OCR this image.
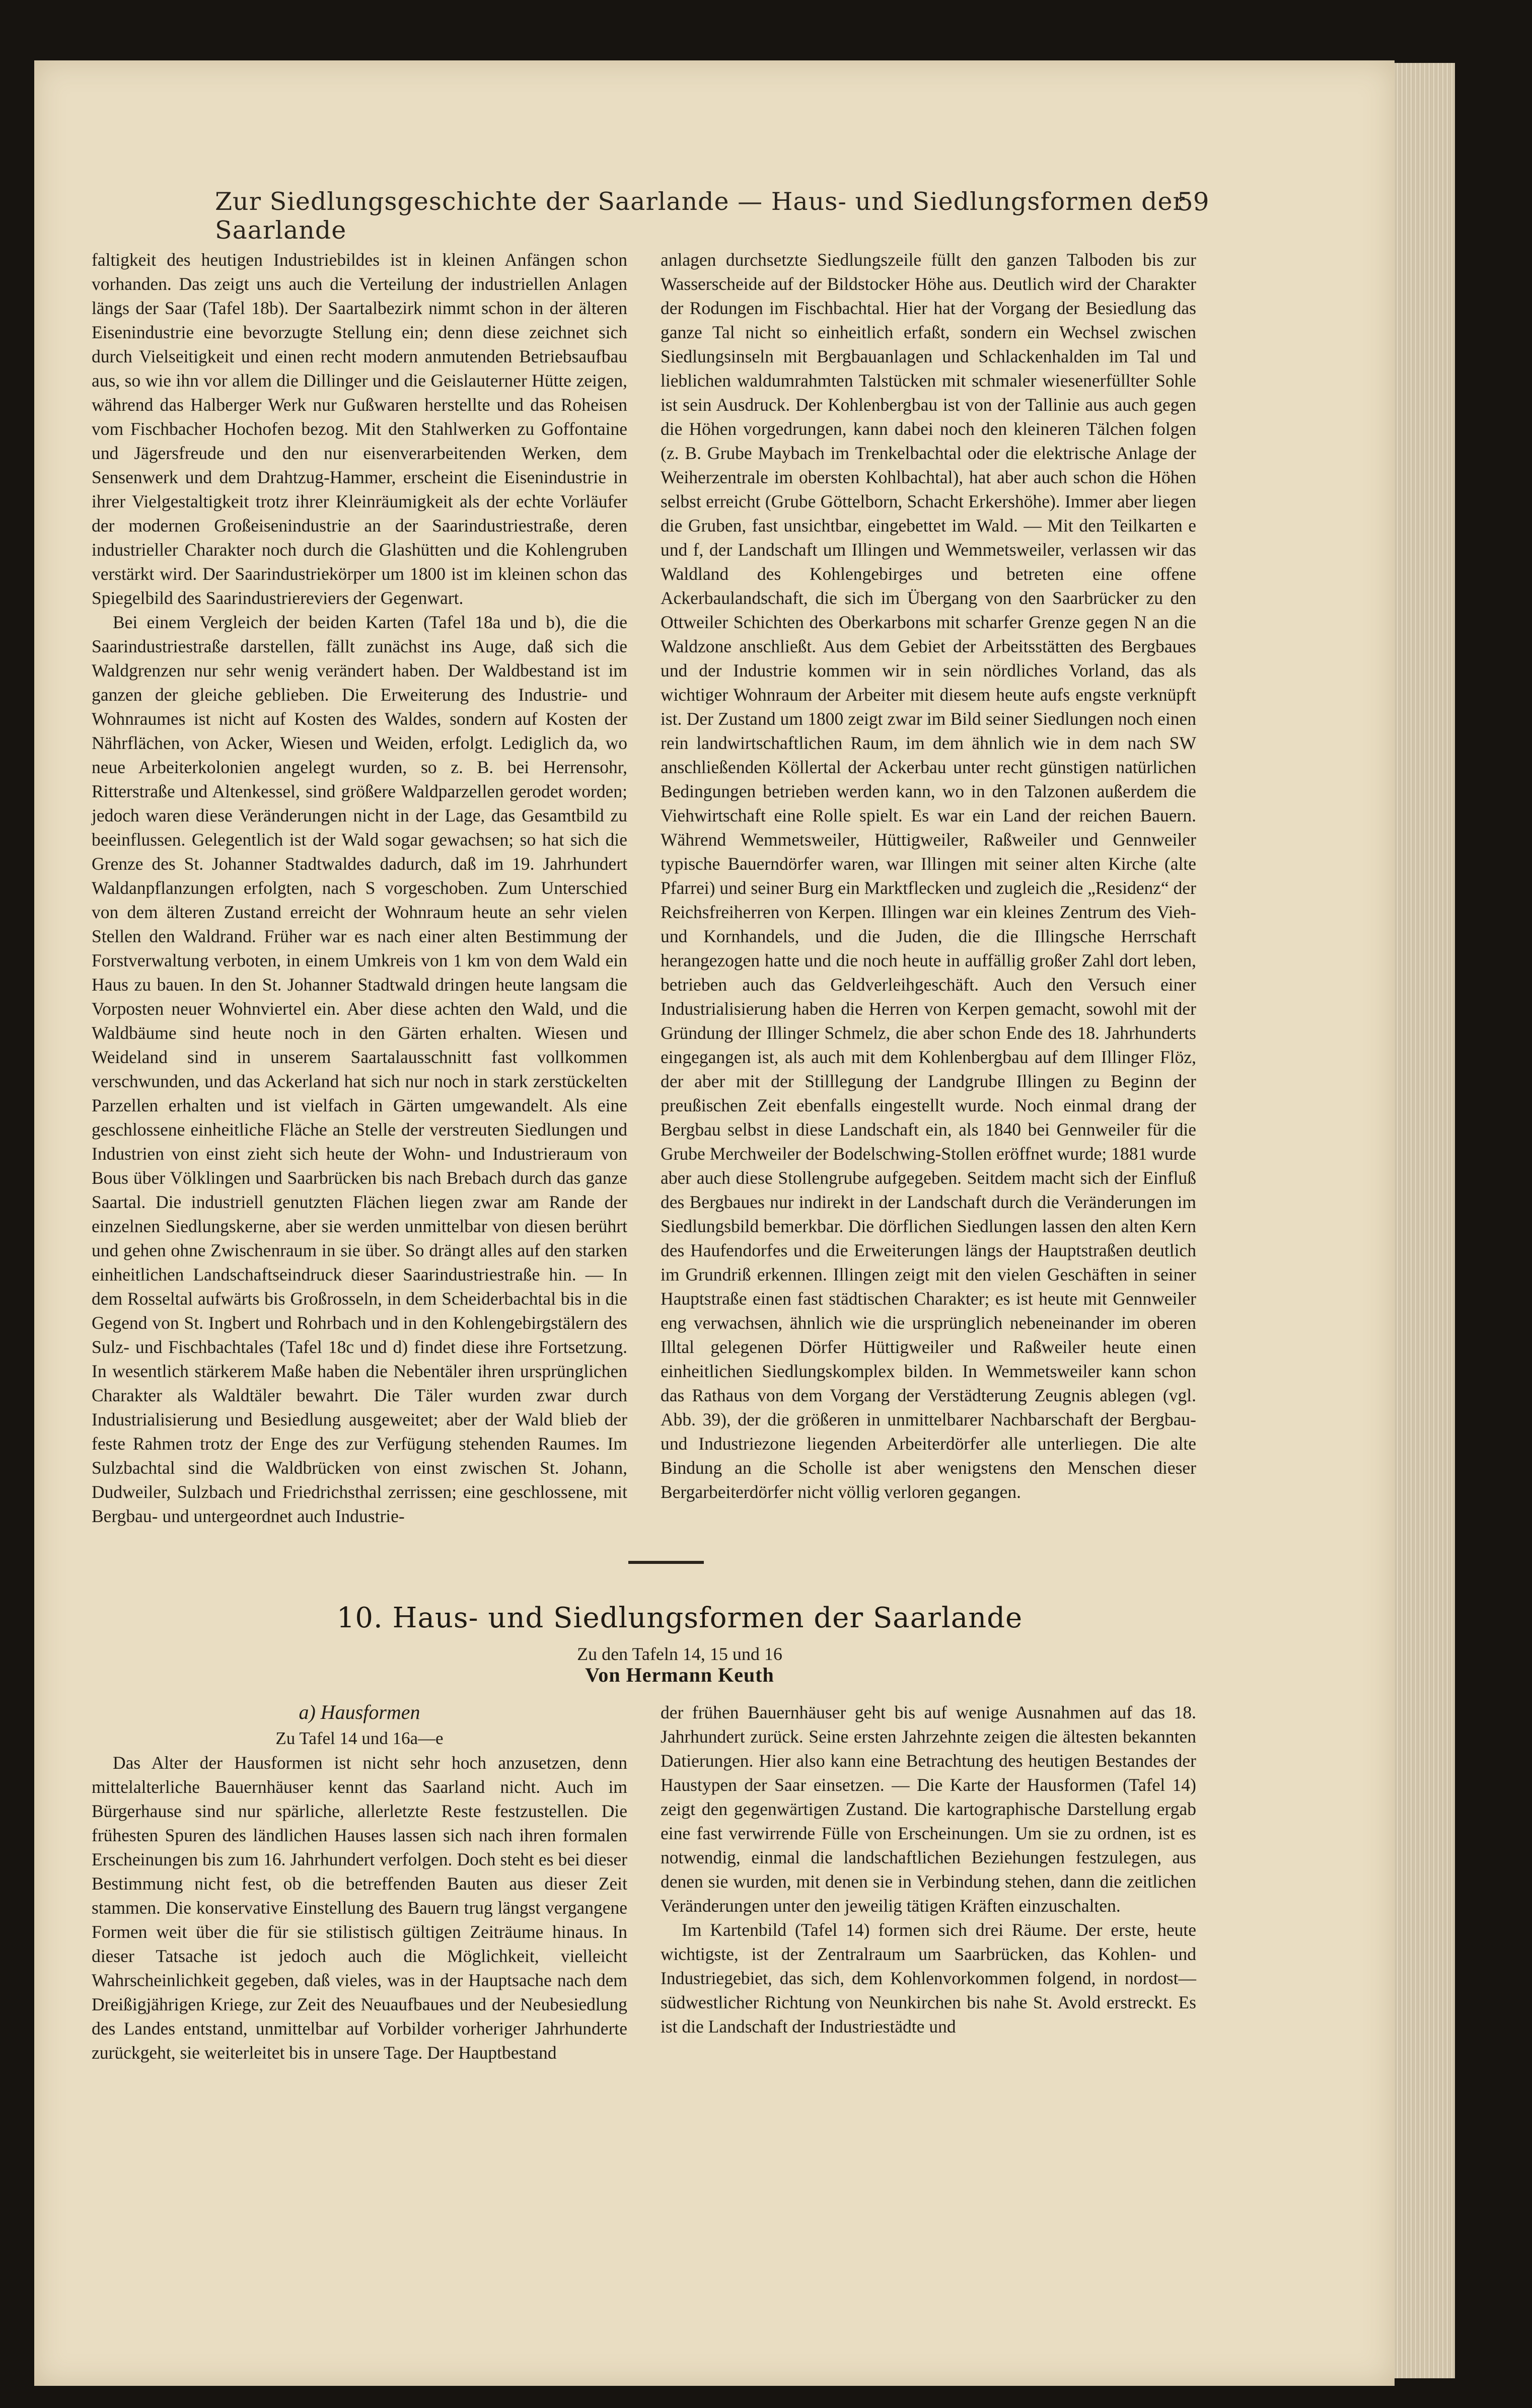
Zur Siedlungsgeschichte der Saarlande — Haus- und Siedlungsformen der Saarlande
59

faltigkeit des heutigen Industriebildes ist in kleinen Anfängen schon vorhanden. Das zeigt uns auch die Verteilung der industriellen Anlagen längs der Saar (Tafel 18b). Der Saartalbezirk nimmt schon in der älteren Eisenindustrie eine bevorzugte Stellung ein; denn diese zeichnet sich durch Vielseitigkeit und einen recht modern anmutenden Betriebsaufbau aus, so wie ihn vor allem die Dillinger und die Geislauterner Hütte zeigen, während das Halberger Werk nur Gußwaren herstellte und das Roheisen vom Fischbacher Hochofen bezog. Mit den Stahlwerken zu Goffontaine und Jägersfreude und den nur eisenverarbeitenden Werken, dem Sensenwerk und dem Drahtzug-Hammer, erscheint die Eisenindustrie in ihrer Vielgestaltigkeit trotz ihrer Kleinräumigkeit als der echte Vorläufer der modernen Großeisenindustrie an der Saarindustriestraße, deren industrieller Charakter noch durch die Glashütten und die Kohlengruben verstärkt wird. Der Saarindustriekörper um 1800 ist im kleinen schon das Spiegelbild des Saarindustriereviers der Gegenwart.

Bei einem Vergleich der beiden Karten (Tafel 18a und b), die die Saarindustriestraße darstellen, fällt zunächst ins Auge, daß sich die Waldgrenzen nur sehr wenig verändert haben. Der Waldbestand ist im ganzen der gleiche geblieben. Die Erweiterung des Industrie- und Wohnraumes ist nicht auf Kosten des Waldes, sondern auf Kosten der Nährflächen, von Acker, Wiesen und Weiden, erfolgt. Lediglich da, wo neue Arbeiterkolonien angelegt wurden, so z. B. bei Herrensohr, Ritterstraße und Altenkessel, sind größere Waldparzellen gerodet worden; jedoch waren diese Veränderungen nicht in der Lage, das Gesamtbild zu beeinflussen. Gelegentlich ist der Wald sogar gewachsen; so hat sich die Grenze des St. Johanner Stadtwaldes dadurch, daß im 19. Jahrhundert Waldanpflanzungen erfolgten, nach S vorgeschoben. Zum Unterschied von dem älteren Zustand erreicht der Wohnraum heute an sehr vielen Stellen den Waldrand. Früher war es nach einer alten Bestimmung der Forstverwaltung verboten, in einem Umkreis von 1 km von dem Wald ein Haus zu bauen. In den St. Johanner Stadtwald dringen heute langsam die Vorposten neuer Wohnviertel ein. Aber diese achten den Wald, und die Waldbäume sind heute noch in den Gärten erhalten. Wiesen und Weideland sind in unserem Saartalausschnitt fast vollkommen verschwunden, und das Ackerland hat sich nur noch in stark zerstückelten Parzellen erhalten und ist vielfach in Gärten umgewandelt. Als eine geschlossene einheitliche Fläche an Stelle der verstreuten Siedlungen und Industrien von einst zieht sich heute der Wohn- und Industrieraum von Bous über Völklingen und Saarbrücken bis nach Brebach durch das ganze Saartal. Die industriell genutzten Flächen liegen zwar am Rande der einzelnen Siedlungskerne, aber sie werden unmittelbar von diesen berührt und gehen ohne Zwischenraum in sie über. So drängt alles auf den starken einheitlichen Landschaftseindruck dieser Saarindustriestraße hin. — In dem Rosseltal aufwärts bis Großrosseln, in dem Scheiderbachtal bis in die Gegend von St. Ingbert und Rohrbach und in den Kohlengebirgstälern des Sulz- und Fischbachtales (Tafel 18c und d) findet diese ihre Fortsetzung. In wesentlich stärkerem Maße haben die Nebentäler ihren ursprünglichen Charakter als Waldtäler bewahrt. Die Täler wurden zwar durch Industrialisierung und Besiedlung ausgeweitet; aber der Wald blieb der feste Rahmen trotz der Enge des zur Verfügung stehenden Raumes. Im Sulzbachtal sind die Waldbrücken von einst zwischen St. Johann, Dudweiler, Sulzbach und Friedrichsthal zerrissen; eine geschlossene, mit Bergbau- und untergeordnet auch Industrie-

anlagen durchsetzte Siedlungszeile füllt den ganzen Talboden bis zur Wasserscheide auf der Bildstocker Höhe aus. Deutlich wird der Charakter der Rodungen im Fischbachtal. Hier hat der Vorgang der Besiedlung das ganze Tal nicht so einheitlich erfaßt, sondern ein Wechsel zwischen Siedlungsinseln mit Bergbauanlagen und Schlackenhalden im Tal und lieblichen waldumrahmten Talstücken mit schmaler wiesenerfüllter Sohle ist sein Ausdruck. Der Kohlenbergbau ist von der Tallinie aus auch gegen die Höhen vorgedrungen, kann dabei noch den kleineren Tälchen folgen (z. B. Grube Maybach im Trenkelbachtal oder die elektrische Anlage der Weiherzentrale im obersten Kohlbachtal), hat aber auch schon die Höhen selbst erreicht (Grube Göttelborn, Schacht Erkershöhe). Immer aber liegen die Gruben, fast unsichtbar, eingebettet im Wald. — Mit den Teilkarten e und f, der Landschaft um Illingen und Wemmetsweiler, verlassen wir das Waldland des Kohlengebirges und betreten eine offene Ackerbaulandschaft, die sich im Übergang von den Saarbrücker zu den Ottweiler Schichten des Oberkarbons mit scharfer Grenze gegen N an die Waldzone anschließt. Aus dem Gebiet der Arbeitsstätten des Bergbaues und der Industrie kommen wir in sein nördliches Vorland, das als wichtiger Wohnraum der Arbeiter mit diesem heute aufs engste verknüpft ist. Der Zustand um 1800 zeigt zwar im Bild seiner Siedlungen noch einen rein landwirtschaftlichen Raum, im dem ähnlich wie in dem nach SW anschließenden Köllertal der Ackerbau unter recht günstigen natürlichen Bedingungen betrieben werden kann, wo in den Talzonen außerdem die Viehwirtschaft eine Rolle spielt. Es war ein Land der reichen Bauern. Während Wemmetsweiler, Hüttigweiler, Raßweiler und Gennweiler typische Bauerndörfer waren, war Illingen mit seiner alten Kirche (alte Pfarrei) und seiner Burg ein Marktflecken und zugleich die „Residenz“ der Reichsfreiherren von Kerpen. Illingen war ein kleines Zentrum des Vieh- und Kornhandels, und die Juden, die die Illingsche Herrschaft herangezogen hatte und die noch heute in auffällig großer Zahl dort leben, betrieben auch das Geldverleihgeschäft. Auch den Versuch einer Industrialisierung haben die Herren von Kerpen gemacht, sowohl mit der Gründung der Illinger Schmelz, die aber schon Ende des 18. Jahrhunderts eingegangen ist, als auch mit dem Kohlenbergbau auf dem Illinger Flöz, der aber mit der Stilllegung der Landgrube Illingen zu Beginn der preußischen Zeit ebenfalls eingestellt wurde. Noch einmal drang der Bergbau selbst in diese Landschaft ein, als 1840 bei Gennweiler für die Grube Merchweiler der Bodelschwing-Stollen eröffnet wurde; 1881 wurde aber auch diese Stollengrube aufgegeben. Seitdem macht sich der Einfluß des Bergbaues nur indirekt in der Landschaft durch die Veränderungen im Siedlungsbild bemerkbar. Die dörflichen Siedlungen lassen den alten Kern des Haufendorfes und die Erweiterungen längs der Hauptstraßen deutlich im Grundriß erkennen. Illingen zeigt mit den vielen Geschäften in seiner Hauptstraße einen fast städtischen Charakter; es ist heute mit Gennweiler eng verwachsen, ähnlich wie die ursprünglich nebeneinander im oberen Illtal gelegenen Dörfer Hüttigweiler und Raßweiler heute einen einheitlichen Siedlungskomplex bilden. In Wemmetsweiler kann schon das Rathaus von dem Vorgang der Verstädterung Zeugnis ablegen (vgl. Abb. 39), der die größeren in unmittelbarer Nachbarschaft der Bergbau- und Industriezone liegenden Arbeiterdörfer alle unterliegen. Die alte Bindung an die Scholle ist aber wenigstens den Menschen dieser Bergarbeiterdörfer nicht völlig verloren gegangen.

10. Haus- und Siedlungsformen der Saarlande
Zu den Tafeln 14, 15 und 16
Von Hermann Keuth

a) Hausformen

Zu Tafel 14 und 16a—e

Das Alter der Hausformen ist nicht sehr hoch anzusetzen, denn mittelalterliche Bauernhäuser kennt das Saarland nicht. Auch im Bürgerhause sind nur spärliche, allerletzte Reste festzustellen. Die frühesten Spuren des ländlichen Hauses lassen sich nach ihren formalen Erscheinungen bis zum 16. Jahrhundert verfolgen. Doch steht es bei dieser Bestimmung nicht fest, ob die betreffenden Bauten aus dieser Zeit stammen. Die konservative Einstellung des Bauern trug längst vergangene Formen weit über die für sie stilistisch gültigen Zeiträume hinaus. In dieser Tatsache ist jedoch auch die Möglichkeit, vielleicht Wahrscheinlichkeit gegeben, daß vieles, was in der Hauptsache nach dem Dreißigjährigen Kriege, zur Zeit des Neuaufbaues und der Neubesiedlung des Landes entstand, unmittelbar auf Vorbilder vorheriger Jahrhunderte zurückgeht, sie weiterleitet bis in unsere Tage. Der Hauptbestand

der frühen Bauernhäuser geht bis auf wenige Ausnahmen auf das 18. Jahrhundert zurück. Seine ersten Jahrzehnte zeigen die ältesten bekannten Datierungen. Hier also kann eine Betrachtung des heutigen Bestandes der Haustypen der Saar einsetzen. — Die Karte der Hausformen (Tafel 14) zeigt den gegenwärtigen Zustand. Die kartographische Darstellung ergab eine fast verwirrende Fülle von Erscheinungen. Um sie zu ordnen, ist es notwendig, einmal die landschaftlichen Beziehungen festzulegen, aus denen sie wurden, mit denen sie in Verbindung stehen, dann die zeitlichen Veränderungen unter den jeweilig tätigen Kräften einzuschalten.

Im Kartenbild (Tafel 14) formen sich drei Räume. Der erste, heute wichtigste, ist der Zentralraum um Saarbrücken, das Kohlen- und Industriegebiet, das sich, dem Kohlenvorkommen folgend, in nordost—südwestlicher Richtung von Neunkirchen bis nahe St. Avold erstreckt. Es ist die Landschaft der Industriestädte und
